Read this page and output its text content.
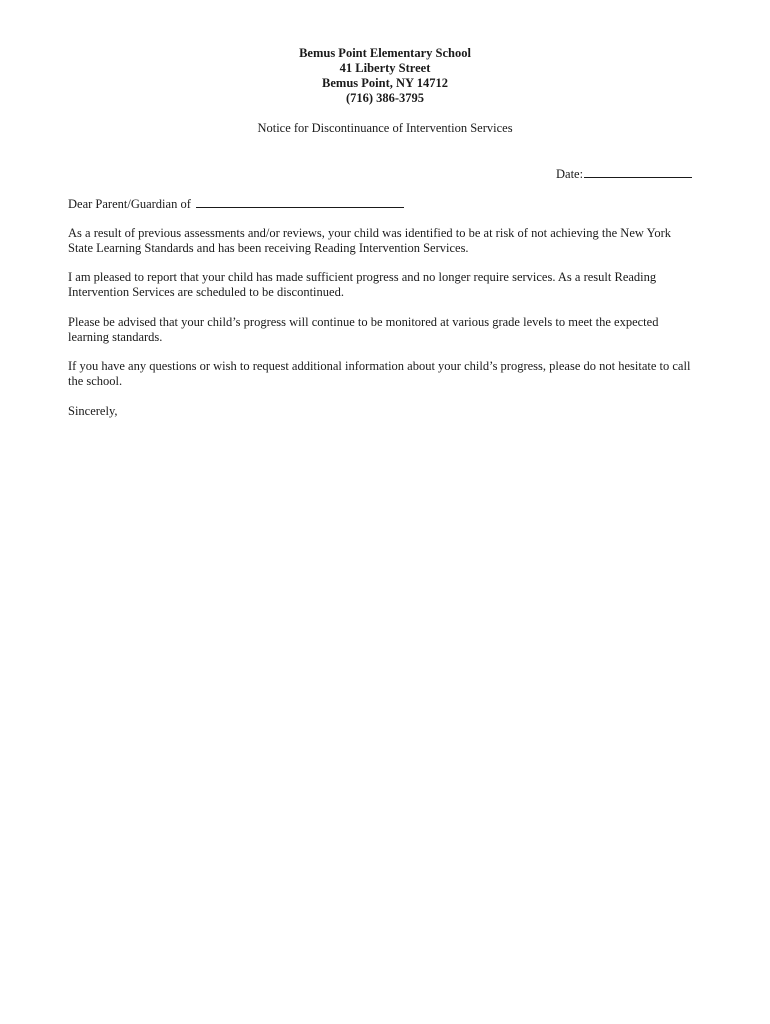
Bemus Point Elementary School
41 Liberty Street
Bemus Point, NY 14712
(716) 386-3795
Notice for Discontinuance of Intervention Services
Date:
Dear Parent/Guardian of
As a result of previous assessments and/or reviews, your child was identified to be at risk of not achieving the New York
State Learning Standards and has been receiving Reading Intervention Services.
I am pleased to report that your child has made sufficient progress and no longer require services. As a result Reading
Intervention Services are scheduled to be discontinued.
Please be advised that your child’s progress will continue to be monitored at various grade levels to meet the expected
learning standards.
If you have any questions or wish to request additional information about your child’s progress, please do not hesitate to call
the school.
Sincerely,
